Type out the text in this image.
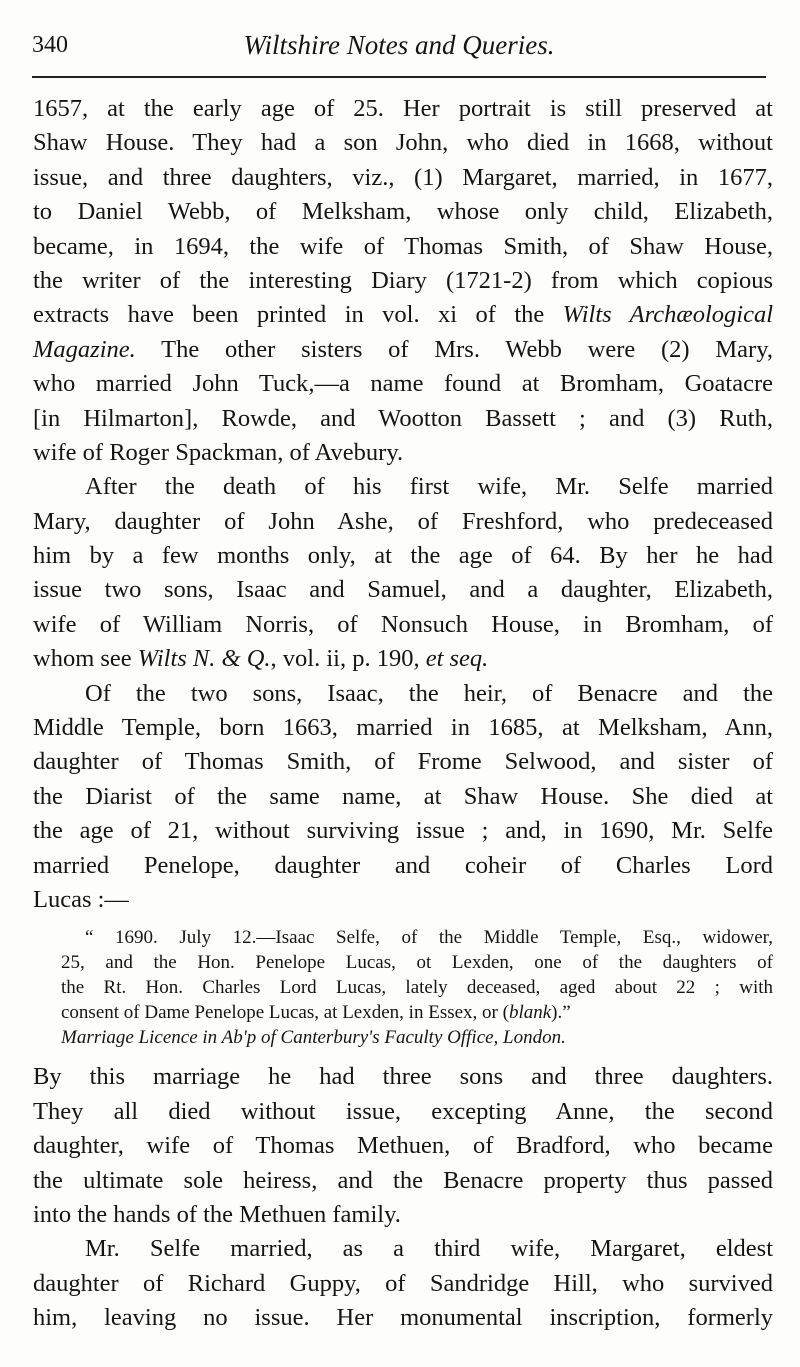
340	Wiltshire Notes and Queries.
1657, at the early age of 25. Her portrait is still preserved at
Shaw House. They had a son John, who died in 1668, without
issue, and three daughters, viz., (1) Margaret, married, in 1677,
to Daniel Webb, of Melksham, whose only child, Elizabeth,
became, in 1694, the wife of Thomas Smith, of Shaw House,
the writer of the interesting Diary (1721-2) from which copious
extracts have been printed in vol. xi of the Wilts Archæological
Magazine. The other sisters of Mrs. Webb were (2) Mary,
who married John Tuck,—a name found at Bromham, Goatacre
[in Hilmarton], Rowde, and Wootton Bassett ; and (3) Ruth,
wife of Roger Spackman, of Avebury.
After the death of his first wife, Mr. Selfe married
Mary, daughter of John Ashe, of Freshford, who predeceased
him by a few months only, at the age of 64. By her he had
issue two sons, Isaac and Samuel, and a daughter, Elizabeth,
wife of William Norris, of Nonsuch House, in Bromham, of
whom see Wilts N. & Q., vol. ii, p. 190, et seq.
Of the two sons, Isaac, the heir, of Benacre and the
Middle Temple, born 1663, married in 1685, at Melksham, Ann,
daughter of Thomas Smith, of Frome Selwood, and sister of
the Diarist of the same name, at Shaw House. She died at
the age of 21, without surviving issue ; and, in 1690, Mr. Selfe
married Penelope, daughter and coheir of Charles Lord
Lucas :—
“ 1690. July 12.—Isaac Selfe, of the Middle Temple, Esq., widower,
25, and the Hon. Penelope Lucas, ot Lexden, one of the daughters of
the Rt. Hon. Charles Lord Lucas, lately deceased, aged about 22 ; with
consent of Dame Penelope Lucas, at Lexden, in Essex, or (blank).”
Marriage Licence in Ab'p of Canterbury's Faculty Office, London.
By this marriage he had three sons and three daughters.
They all died without issue, excepting Anne, the second
daughter, wife of Thomas Methuen, of Bradford, who became
the ultimate sole heiress, and the Benacre property thus passed
into the hands of the Methuen family.
Mr. Selfe married, as a third wife, Margaret, eldest
daughter of Richard Guppy, of Sandridge Hill, who survived
him, leaving no issue. Her monumental inscription, formerly
